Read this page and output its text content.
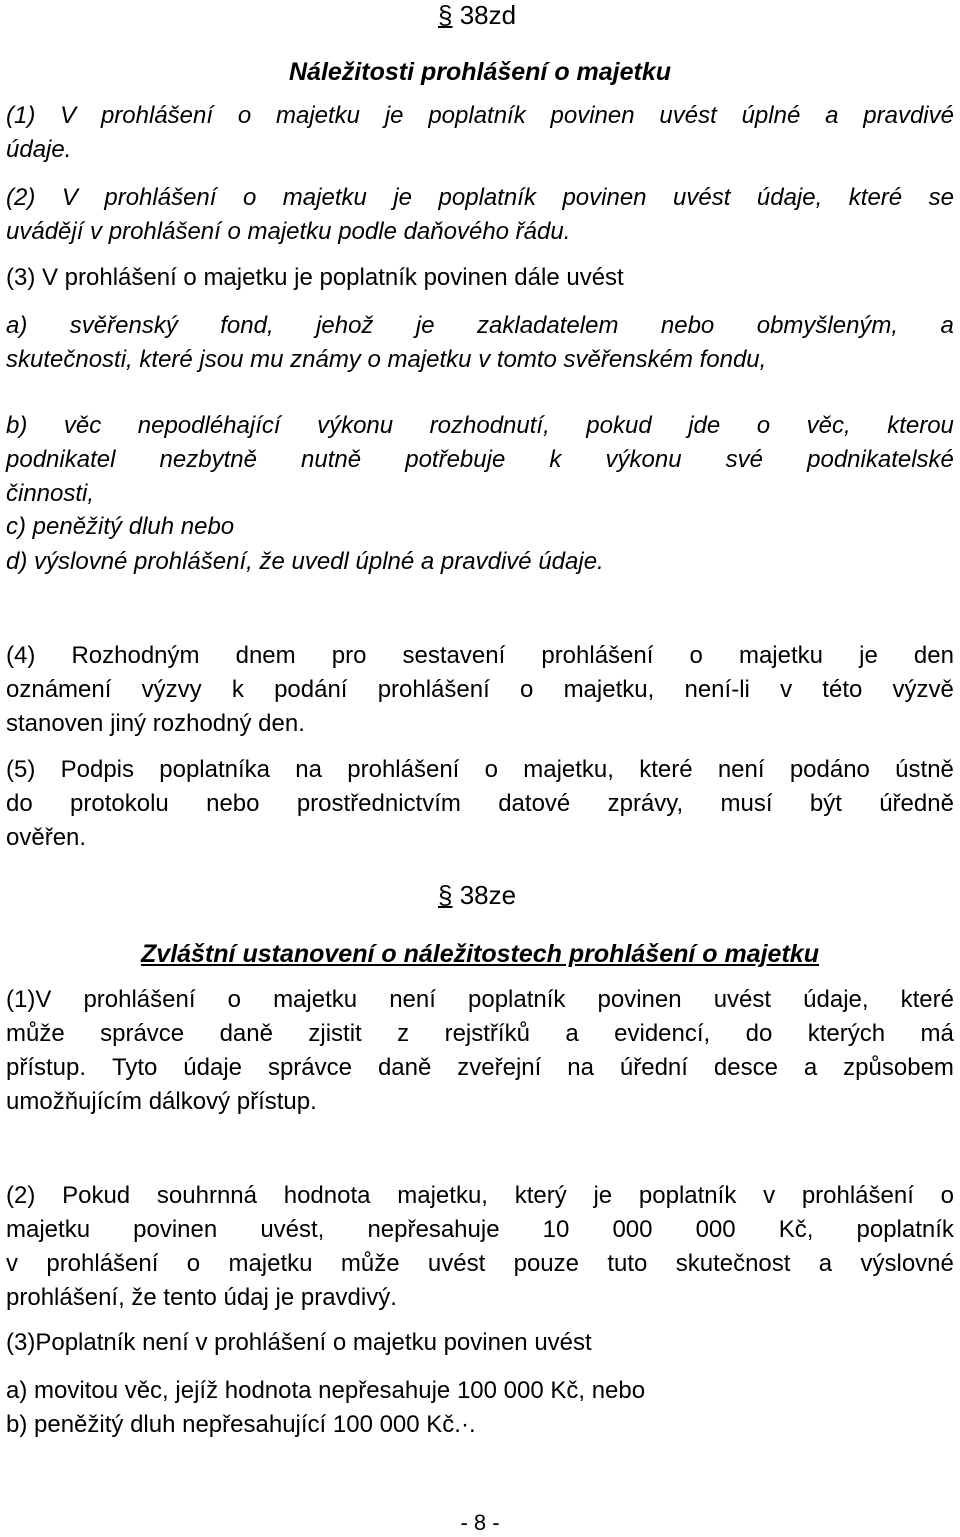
§ 38zd
Náležitosti prohlášení o majetku
(1) V prohlášení o majetku je poplatník povinen uvést úplné a pravdivé
údaje.
(2) V prohlášení o majetku je poplatník povinen uvést údaje, které se
uvádějí v prohlášení o majetku podle daňového řádu.
(3) V prohlášení o majetku je poplatník povinen dále uvést
a) svěřenský fond, jehož je zakladatelem nebo obmyšleným, a
skutečnosti, které jsou mu známy o majetku v tomto svěřenském fondu,
b) věc nepodléhající výkonu rozhodnutí, pokud jde o věc, kterou
podnikatel nezbytně nutně potřebuje k výkonu své podnikatelské
činnosti,
c) peněžitý dluh nebo
d) výslovné prohlášení, že uvedl úplné a pravdivé údaje.
(4) Rozhodným dnem pro sestavení prohlášení o majetku je den
oznámení výzvy k podání prohlášení o majetku, není-li v této výzvě
stanoven jiný rozhodný den.
(5) Podpis poplatníka na prohlášení o majetku, které není podáno ústně
do protokolu nebo prostřednictvím datové zprávy, musí být úředně
ověřen.
§ 38ze
Zvláštní ustanovení o náležitostech prohlášení o majetku
(1)V prohlášení o majetku není poplatník povinen uvést údaje, které
může správce daně zjistit z rejstříků a evidencí, do kterých má
přístup. Tyto údaje správce daně zveřejní na úřední desce a způsobem
umožňujícím dálkový přístup.
(2) Pokud souhrnná hodnota majetku, který je poplatník v prohlášení o
majetku povinen uvést, nepřesahuje 10 000 000 Kč, poplatník
v prohlášení o majetku může uvést pouze tuto skutečnost a výslovné
prohlášení, že tento údaj je pravdivý.
(3)Poplatník není v prohlášení o majetku povinen uvést
a) movitou věc, jejíž hodnota nepřesahuje 100 000 Kč, nebo
b) peněžitý dluh nepřesahující 100 000 Kč.·.
- 8 -
